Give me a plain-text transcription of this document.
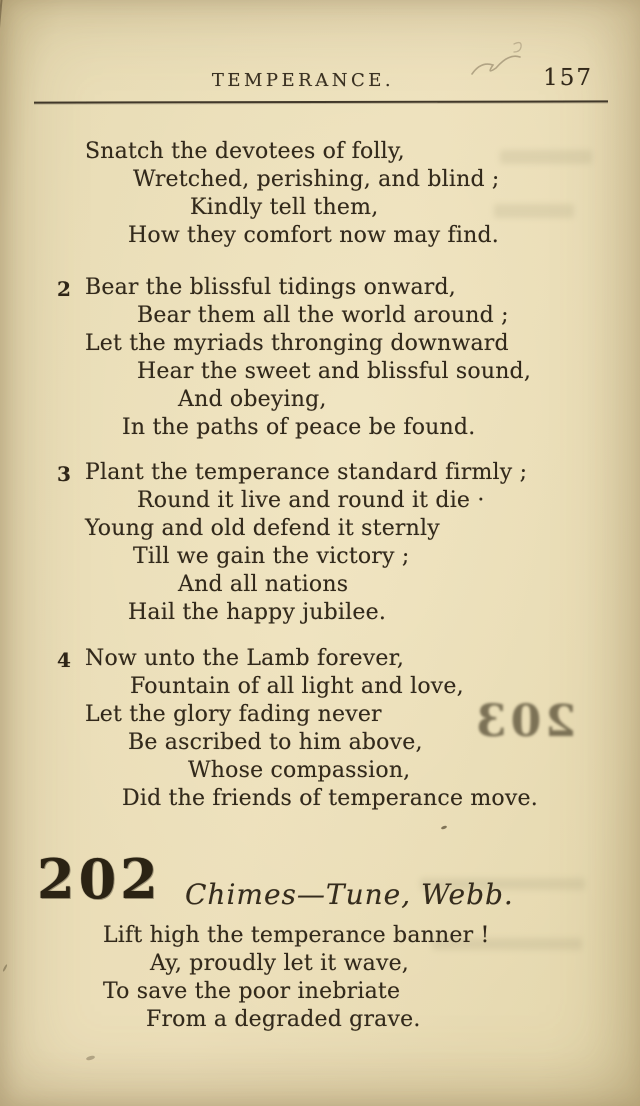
203
TEMPERANCE.	157
Snatch the devotees of folly,
Wretched, perishing, and blind ;
Kindly tell them,
How they comfort now may find.
2 Bear the blissful tidings onward,
Bear them all the world around ;
Let the myriads thronging downward
Hear the sweet and blissful sound,
And obeying,
In the paths of peace be found.
3 Plant the temperance standard firmly ;
Round it live and round it die ·
Young and old defend it sternly
Till we gain the victory ;
And all nations
Hail the happy jubilee.
4 Now unto the Lamb forever,
Fountain of all light and love,
Let the glory fading never
Be ascribed to him above,
Whose compassion,
Did the friends of temperance move.
202 Chimes—Tune, Webb.
Lift high the temperance banner !
Ay, proudly let it wave,
To save the poor inebriate
From a degraded grave.
